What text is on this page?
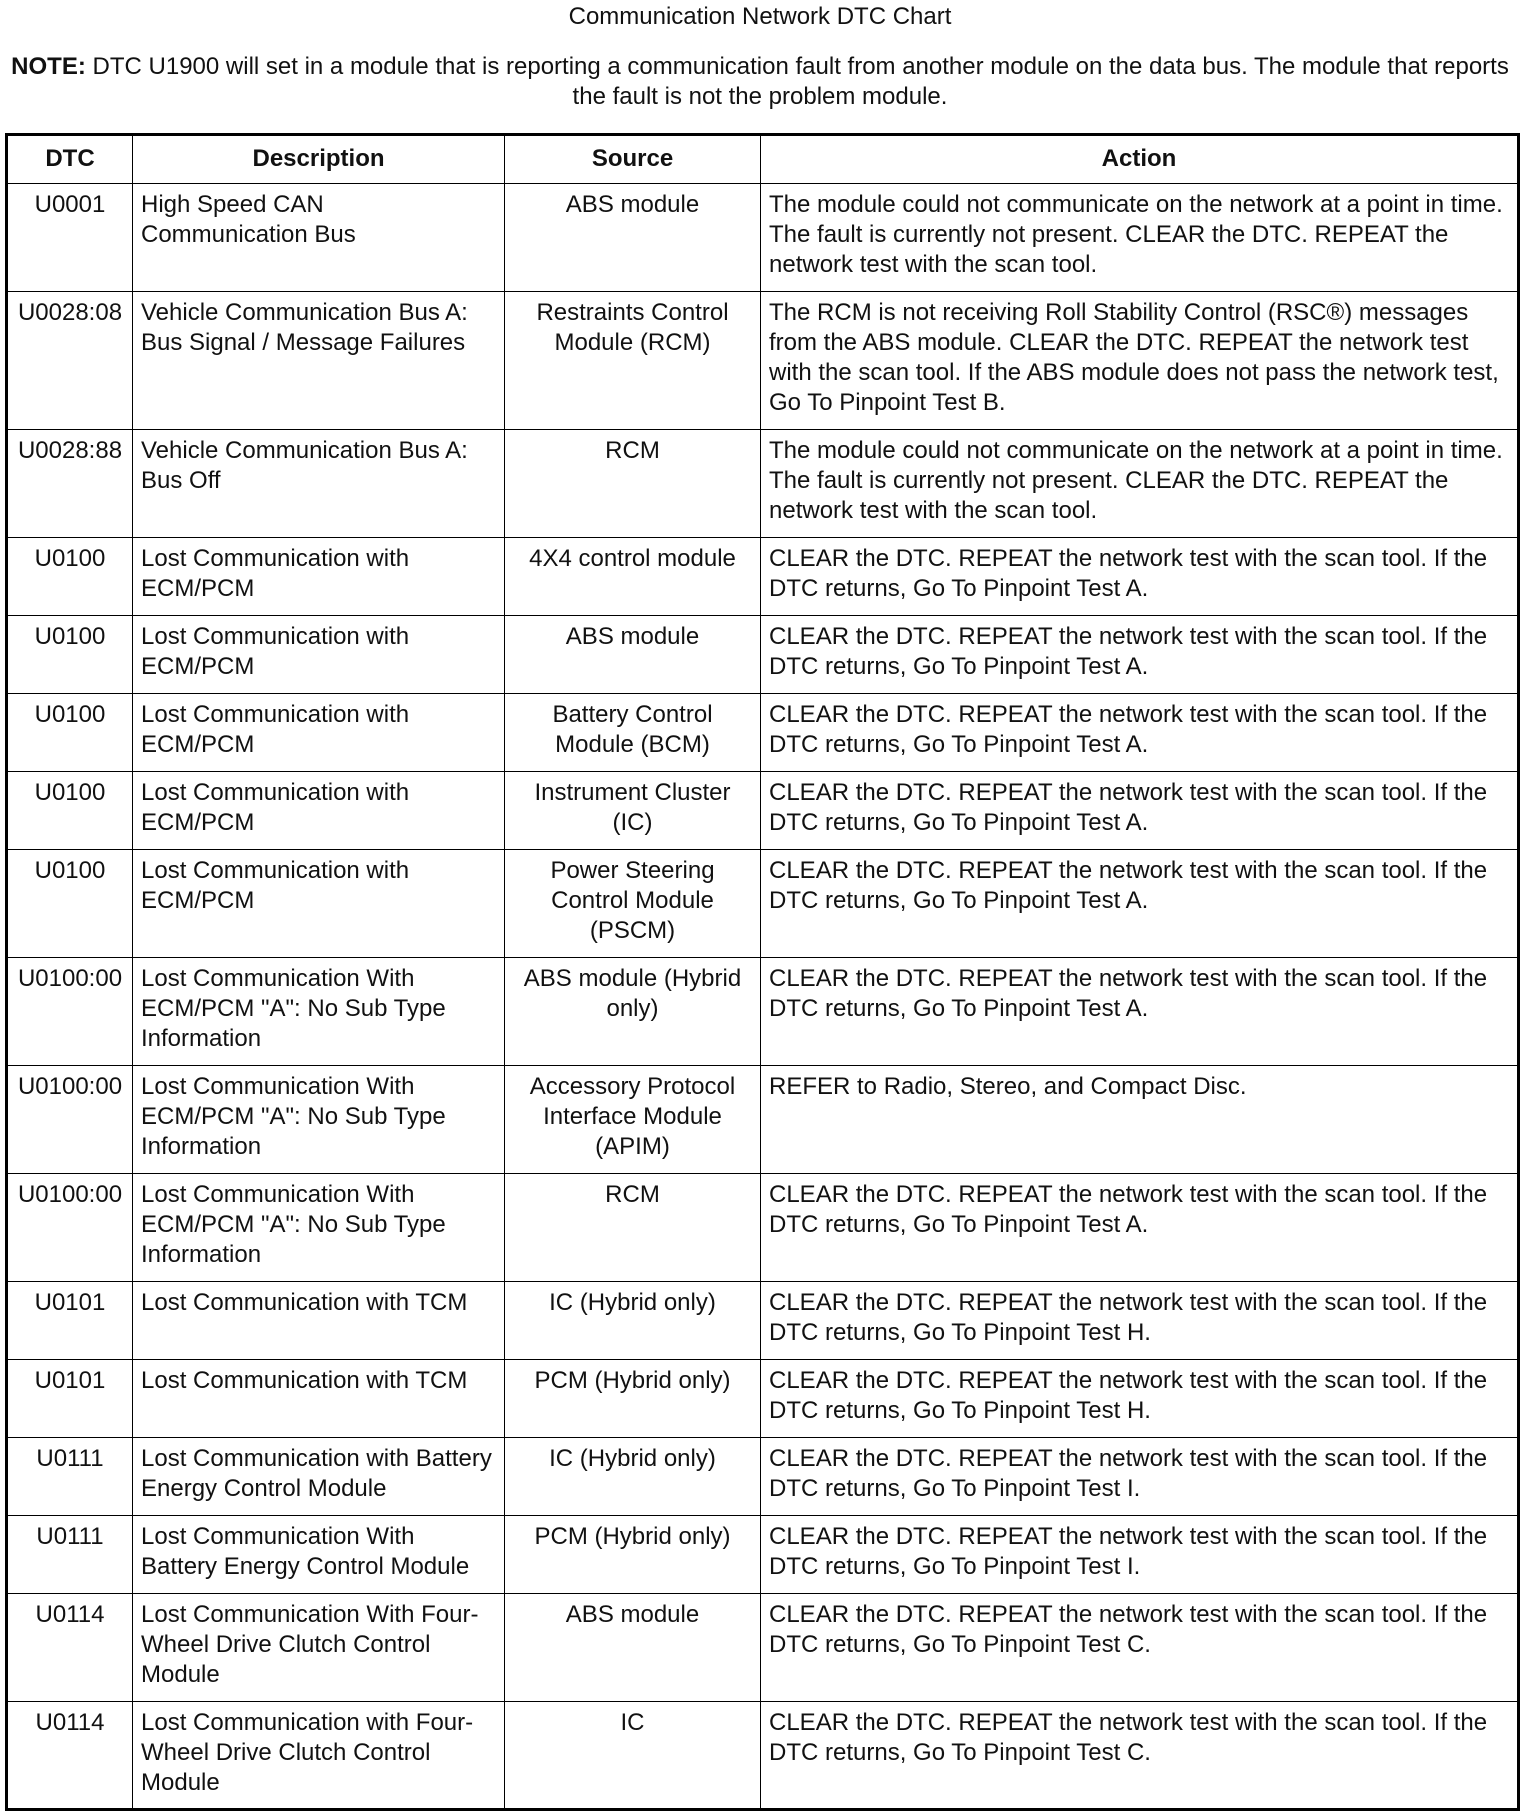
Communication Network DTC Chart
NOTE: DTC U1900 will set in a module that is reporting a communication fault from another module on the data bus. The module that reports the fault is not the problem module.
DTC	Description	Source	Action
U0001	High Speed CAN Communication Bus	ABS module	The module could not communicate on the network at a point in time. The fault is currently not present. CLEAR the DTC. REPEAT the network test with the scan tool.
U0028:08	Vehicle Communication Bus A: Bus Signal / Message Failures	Restraints Control Module (RCM)	The RCM is not receiving Roll Stability Control (RSC®) messages from the ABS module. CLEAR the DTC. REPEAT the network test with the scan tool. If the ABS module does not pass the network test, Go To Pinpoint Test B.
U0028:88	Vehicle Communication Bus A: Bus Off	RCM	The module could not communicate on the network at a point in time. The fault is currently not present. CLEAR the DTC. REPEAT the network test with the scan tool.
U0100	Lost Communication with ECM/PCM	4X4 control module	CLEAR the DTC. REPEAT the network test with the scan tool. If the DTC returns, Go To Pinpoint Test A.
U0100	Lost Communication with ECM/PCM	ABS module	CLEAR the DTC. REPEAT the network test with the scan tool. If the DTC returns, Go To Pinpoint Test A.
U0100	Lost Communication with ECM/PCM	Battery Control Module (BCM)	CLEAR the DTC. REPEAT the network test with the scan tool. If the DTC returns, Go To Pinpoint Test A.
U0100	Lost Communication with ECM/PCM	Instrument Cluster (IC)	CLEAR the DTC. REPEAT the network test with the scan tool. If the DTC returns, Go To Pinpoint Test A.
U0100	Lost Communication with ECM/PCM	Power Steering Control Module (PSCM)	CLEAR the DTC. REPEAT the network test with the scan tool. If the DTC returns, Go To Pinpoint Test A.
U0100:00	Lost Communication With ECM/PCM "A": No Sub Type Information	ABS module (Hybrid only)	CLEAR the DTC. REPEAT the network test with the scan tool. If the DTC returns, Go To Pinpoint Test A.
U0100:00	Lost Communication With ECM/PCM "A": No Sub Type Information	Accessory Protocol Interface Module (APIM)	REFER to Radio, Stereo, and Compact Disc.
U0100:00	Lost Communication With ECM/PCM "A": No Sub Type Information	RCM	CLEAR the DTC. REPEAT the network test with the scan tool. If the DTC returns, Go To Pinpoint Test A.
U0101	Lost Communication with TCM	IC (Hybrid only)	CLEAR the DTC. REPEAT the network test with the scan tool. If the DTC returns, Go To Pinpoint Test H.
U0101	Lost Communication with TCM	PCM (Hybrid only)	CLEAR the DTC. REPEAT the network test with the scan tool. If the DTC returns, Go To Pinpoint Test H.
U0111	Lost Communication with Battery Energy Control Module	IC (Hybrid only)	CLEAR the DTC. REPEAT the network test with the scan tool. If the DTC returns, Go To Pinpoint Test I.
U0111	Lost Communication With Battery Energy Control Module	PCM (Hybrid only)	CLEAR the DTC. REPEAT the network test with the scan tool. If the DTC returns, Go To Pinpoint Test I.
U0114	Lost Communication With Four-Wheel Drive Clutch Control Module	ABS module	CLEAR the DTC. REPEAT the network test with the scan tool. If the DTC returns, Go To Pinpoint Test C.
U0114	Lost Communication with Four-Wheel Drive Clutch Control Module	IC	CLEAR the DTC. REPEAT the network test with the scan tool. If the DTC returns, Go To Pinpoint Test C.
